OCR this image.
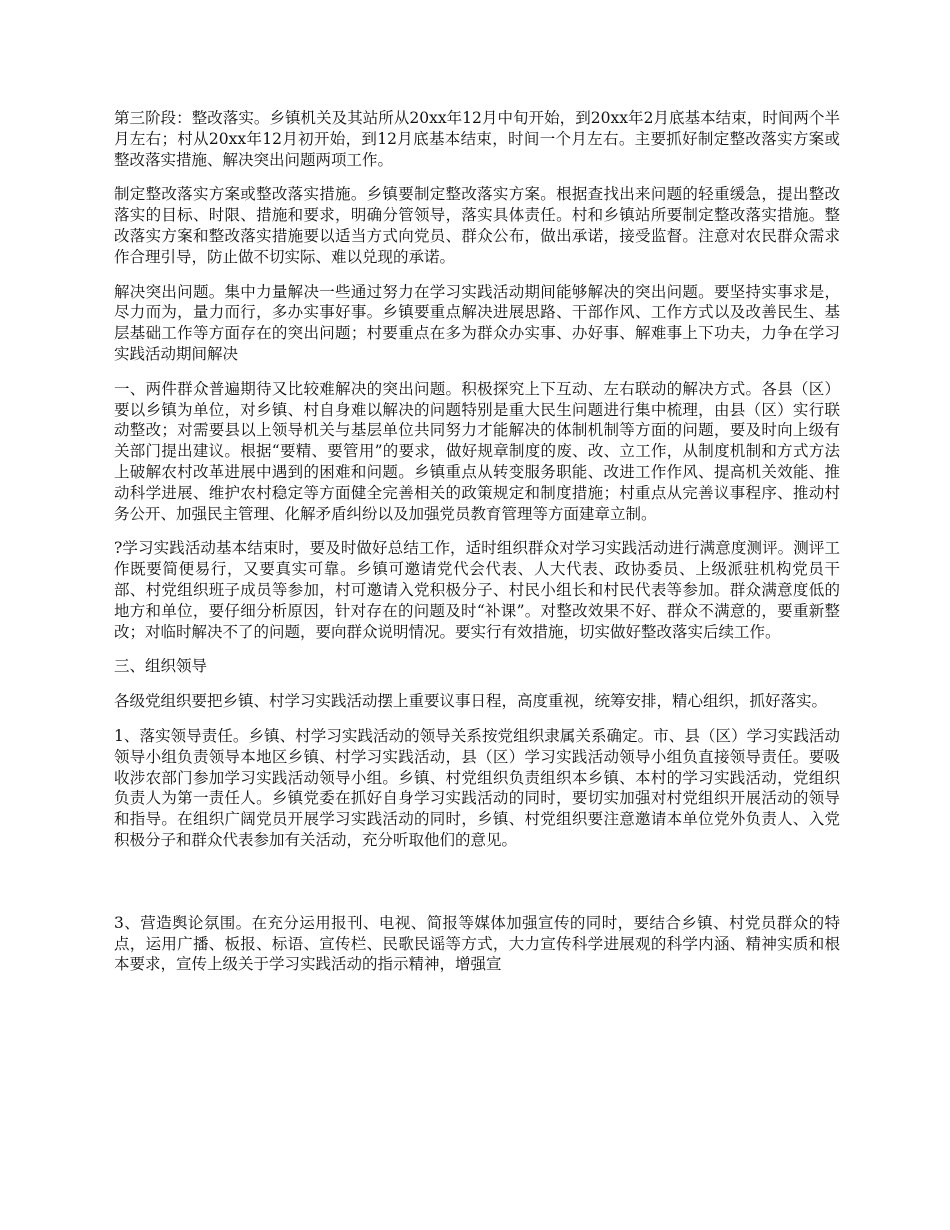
第三阶段：整改落实。乡镇机关及其站所从20xx年12月中旬开始，到20xx年2月底基本结束，时间两个半月左右；村从20xx年12月初开始，到12月底基本结束，时间一个月左右。主要抓好制定整改落实方案或整改落实措施、解决突出问题两项工作。

制定整改落实方案或整改落实措施。乡镇要制定整改落实方案。根据查找出来问题的轻重缓急，提出整改落实的目标、时限、措施和要求，明确分管领导，落实具体责任。村和乡镇站所要制定整改落实措施。整改落实方案和整改落实措施要以适当方式向党员、群众公布，做出承诺，接受监督。注意对农民群众需求作合理引导，防止做不切实际、难以兑现的承诺。

解决突出问题。集中力量解决一些通过努力在学习实践活动期间能够解决的突出问题。要坚持实事求是，尽力而为，量力而行，多办实事好事。乡镇要重点解决进展思路、干部作风、工作方式以及改善民生、基层基础工作等方面存在的突出问题；村要重点在多为群众办实事、办好事、解难事上下功夫，力争在学习实践活动期间解决

一、两件群众普遍期待又比较难解决的突出问题。积极探究上下互动、左右联动的解决方式。各县（区）要以乡镇为单位，对乡镇、村自身难以解决的问题特别是重大民生问题进行集中梳理，由县（区）实行联动整改；对需要县以上领导机关与基层单位共同努力才能解决的体制机制等方面的问题，要及时向上级有关部门提出建议。根据“要精、要管用”的要求，做好规章制度的废、改、立工作，从制度机制和方式方法上破解农村改革进展中遇到的困难和问题。乡镇重点从转变服务职能、改进工作作风、提高机关效能、推动科学进展、维护农村稳定等方面健全完善相关的政策规定和制度措施；村重点从完善议事程序、推动村务公开、加强民主管理、化解矛盾纠纷以及加强党员教育管理等方面建章立制。

?学习实践活动基本结束时，要及时做好总结工作，适时组织群众对学习实践活动进行满意度测评。测评工作既要简便易行，又要真实可靠。乡镇可邀请党代会代表、人大代表、政协委员、上级派驻机构党员干部、村党组织班子成员等参加，村可邀请入党积极分子、村民小组长和村民代表等参加。群众满意度低的地方和单位，要仔细分析原因，针对存在的问题及时“补课”。对整改效果不好、群众不满意的，要重新整改；对临时解决不了的问题，要向群众说明情况。要实行有效措施，切实做好整改落实后续工作。

三、组织领导

各级党组织要把乡镇、村学习实践活动摆上重要议事日程，高度重视，统筹安排，精心组织，抓好落实。

1、落实领导责任。乡镇、村学习实践活动的领导关系按党组织隶属关系确定。市、县（区）学习实践活动领导小组负责领导本地区乡镇、村学习实践活动，县（区）学习实践活动领导小组负直接领导责任。要吸收涉农部门参加学习实践活动领导小组。乡镇、村党组织负责组织本乡镇、本村的学习实践活动，党组织负责人为第一责任人。乡镇党委在抓好自身学习实践活动的同时，要切实加强对村党组织开展活动的领导和指导。在组织广阔党员开展学习实践活动的同时，乡镇、村党组织要注意邀请本单位党外负责人、入党积极分子和群众代表参加有关活动，充分听取他们的意见。

3、营造舆论氛围。在充分运用报刊、电视、简报等媒体加强宣传的同时，要结合乡镇、村党员群众的特点，运用广播、板报、标语、宣传栏、民歌民谣等方式，大力宣传科学进展观的科学内涵、精神实质和根本要求，宣传上级关于学习实践活动的指示精神，增强宣
